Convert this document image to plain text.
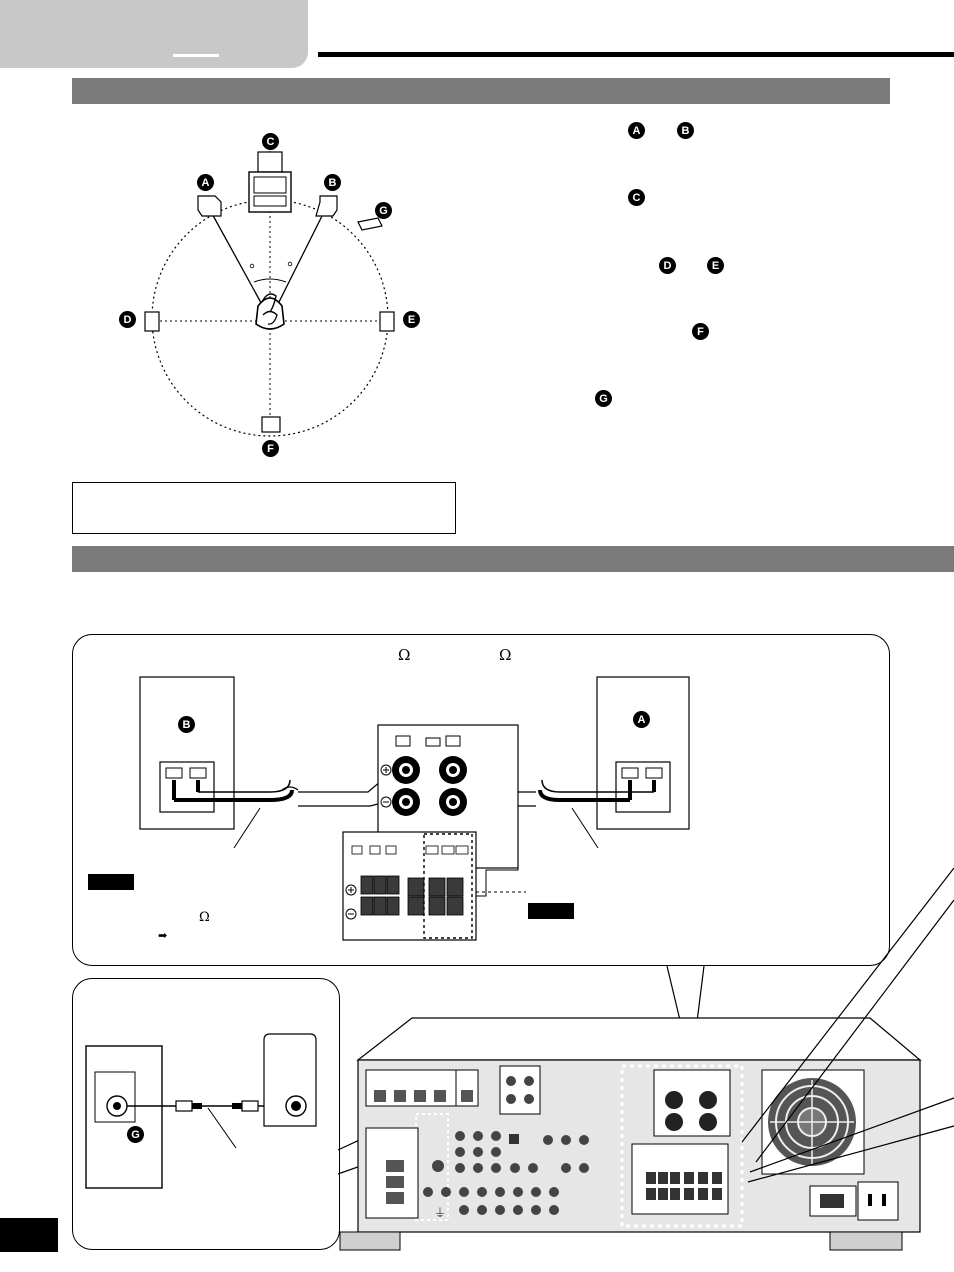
C
A	B
G
D	E
F
A	B
C
D	E
F
G
Ω	Ω
B	A
Ω
➡
G
⏚
